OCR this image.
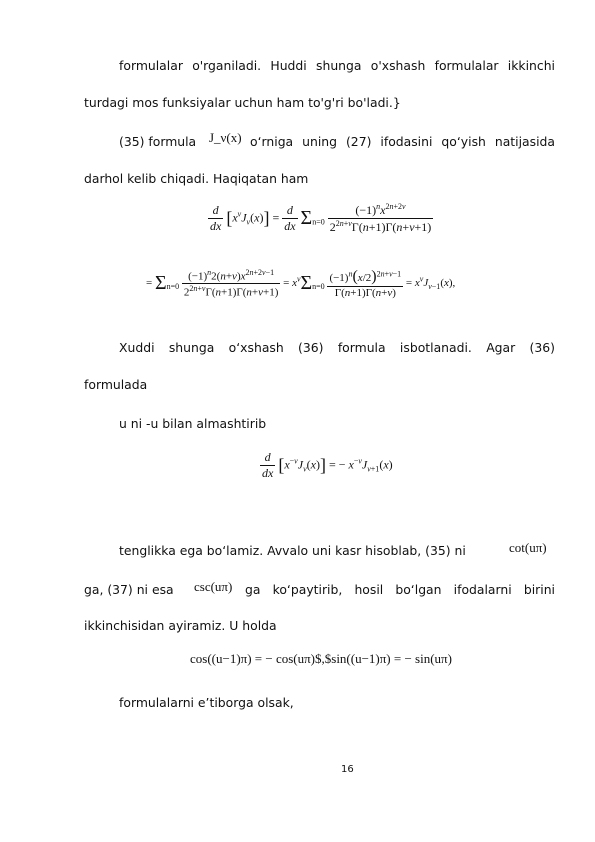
formulalar o'rganiladi. Huddi shunga o'xshash formulalar ikkinchi
turdagi mos funksiyalar uchun ham to'g'ri bo'ladi.}
(35) formula J_ν(x) o‘rniga uning (27) ifodasini qo‘yish natijasida
darhol kelib chiqadi. Haqiqatan ham
$\frac{d}{dx} [x^\nu J_\nu(x)] = \frac{d}{dx} \Sigma_{n=0} \frac{(-1)^nx^{2n+2\nu}}{2^{2n+\nu}\Gamma(n+1)\Gamma(n+\nu+1)}$
= $\Sigma_{n=0} \frac{(-1)^n2(n+\nu)x^{2n+2\nu-1}}{2^{2n+\nu}\Gamma(n+1)\Gamma(n+\nu+1)} = x^\nu\Sigma_{n=0} \frac{(-1)^n(x/2)^{2n+\nu-1}}{\Gamma(n+1)\Gamma(n+\nu)} = x^\nu J_{\nu-1}(x)$,
Xuddi shunga o‘xshash (36) formula isbotlanadi. Agar (36)
formulada
u ni -u bilan almashtirib
$\frac{d}{dx} [x^{-\nu}J_\nu(x)]$ = − $x^{-\nu}J_{\nu+1}(x)$
tenglikka ega bo‘lamiz. Avvalo uni kasr hisoblab, (35) ni	cot(uπ)
ga, (37) ni esa	csc(uπ) ga ko‘paytirib, hosil bo‘lgan ifodalarni birini
ikkinchisidan ayiramiz. U holda
cos((u−1)π) = − cos(uπ)$,$sin((u−1)π) = − sin(uπ)
formulalarni e’tiborga olsak,
16
